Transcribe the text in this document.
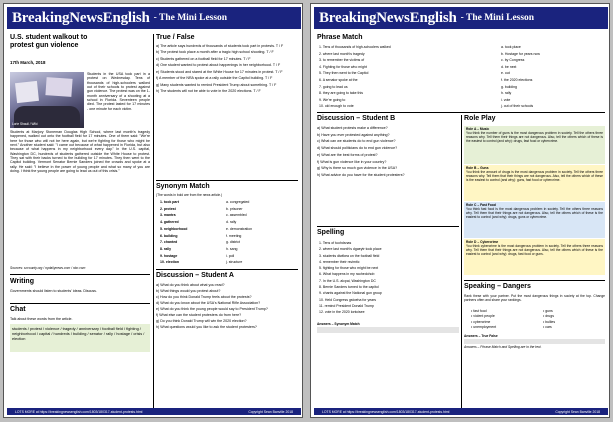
BreakingNewsEnglish - The Mini Lesson
U.S. student walkout to
protest gun violence
17th March, 2018
Lorie Shaull / Wiki
Students in the USA took part in a protest on Wednesday. Tens of thousands of high-schoolers walked out of their schools to protest against gun violence. The protest was on the 1-month anniversary of a shooting at a school in Florida. Seventeen people died. The protest lasted for 17 minutes - one minute for each victim.
Students at Marjory Stoneman Douglas High School, where last month's tragedy happened, walked out onto the football field for 17 minutes. One of them said: "We're here for those who will not be here again, but we're fighting for those who might be next." Another student said: "I came out because of what happened in Florida, but also because of what happens in my neighborhood every day." In the U.S. capital, Washington DC, hundreds of students gathered outside the White House to protest. They sat with their backs turned to the building for 17 minutes. They then went to the Capitol building. Vermont Senator Bernie Sanders joined the crowds and spoke at a rally. He said: "I believe in the power of young people and what so many of you are doing. I think the young people are going to lead us out of this crisis."
Sources: sccounty.org / nydailynews.com / nbc.com
Writing
Governments should listen to students' ideas. Discuss.
Chat
Talk about these words from the article.
students / protest / violence / tragedy / anniversary / football field / fighting / neighborhood / capital / hundreds / building / senator / rally / hostage / crisis / election
True / False
a) The article says hundreds of thousands of students took part in protests. T / F
b) The protest took place a month after a tragic high school shooting. T / F
c) Students gathered on a football field for 17 minutes. T / F
d) One student wanted to protest about happenings in her neighborhood. T / F
e) Students stood and stared at the White House for 17 minutes in protest. T / F
f) A member of the NRA spoke at a rally outside the Capitol building. T / F
g) Many students wanted to remind President Trump about something. T / F
h) The students will not be able to vote in the 2020 elections. T / F
Synonym Match
(The words in bold are from the news article.)
1. took part
2. protest
3. mantra
4. gathered
5. neighborhood
6. building
7. chanted
8. rally
9. hostage
10. election
a. congregated
b. prisoner
c. assembled
d. rally
e. demonstration
f. meeting
g. district
h. sang
i. poll
j. structure
Discussion – Student A
a) What do you think about what you read?
b) What things would you protest about?
c) How do you think Donald Trump feels about the protests?
d) What do you know about the USA's National Rifle Association?
e) What do you think the young people would say to President Trump?
f) What else can the student protesters do from here?
g) Do you think Donald Trump will win the 2020 election?
h) What questions would you like to ask the student protesters?
LOTS MORE at https://breakingnewsenglish.com/1803/180317-student-protests.html	Copyright Sean Banville 2018
BreakingNewsEnglish - The Mini Lesson
Phrase Match
1. Tens of thousands of high-schoolers walked
2. where last month's tragedy
3. to remember the victims of
4. Fighting for those who might
5. They then went to the Capitol
6. A senator spoke at the
7. going to lead us
8. they are going to take this
9. We're going to
10. old enough to vote
a. took place
b. Hostage for years now
c. by Congress
d. be next
e. out
f. the 2020 elections
g. building
h. rally
i. vote
j. out of their schools
Discussion – Student B
a) What student protests make a difference?
b) Have you ever protested against anything?
c) What can we students do to end gun violence?
d) What should politicians do to end gun violence?
e) What are the best forms of protest?
f) What is gun violence like in your country?
g) Why is there so much gun violence in the USA?
h) What advice do you have for the student protesters?
Spelling
1. Tens of tuohdsnas
2. where last month's dgaeytr took place
3. students dtwlkea on the football field
4. remember their rsvimtic
5. fighting for those who might be next
6. What happens in my raohedohob
7. In the U.S. alcpai, Washington DC
8. Bernie Sanders turned to the capitol
9. chants against the National gun group
10. Held Congress gstoeha for years
11. remind President Donald Trump
12. vote in the 2020 lontcisee
Answers – Synonym Match
Role Play
Role A – Music
You think the number of guns is the most dangerous problem in society. Tell the others three reasons why. Tell them their things are not dangerous. Also, tell the others which of these is the easiest to control (and why): drugs, fast food or cybercrime.
Role B – Guns
You think the amount of drugs is the most dangerous problem in society. Tell the others three reasons why. Tell them that their things are not dangerous. Also, tell the others which of these is the easiest to control (and why): guns, fast food or cybercrime.
Role C – Fast Food
You think fast food is the most dangerous problem in society. Tell the others three reasons why. Tell them that their things are not dangerous. Also, tell the others which of these is the easiest to control (and why): drugs, guns or cybercrime.
Role D – Cybercrime
You think cybercrime is the most dangerous problem in society. Tell the others three reasons why. Tell them that their things are not dangerous. Also, tell the others which of these is the easiest to control (and why): drugs, fast food or guns.
Speaking – Dangers
Rank these with your partner. Put the most dangerous things in society at the top. Change partners often and share your rankings.
• fast food
• violent people
• cybercrime
• unemployment
• guns
• drugs
• bullies
• cars
Answers – True False
Answers – Phrase Match and Spelling are in the text.
LOTS MORE at https://breakingnewsenglish.com/1803/180317-student-protests.html	Copyright Sean Banville 2018
